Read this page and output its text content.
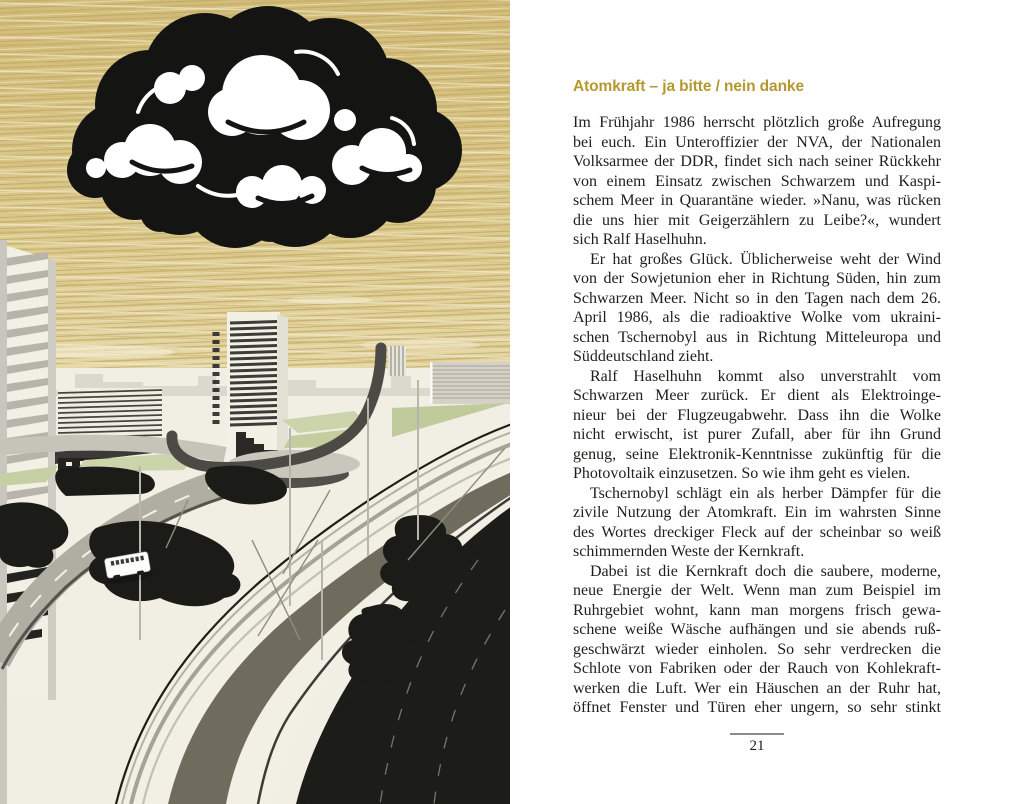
Atomkraft – ja bitte / nein danke
Im Frühjahr 1986 herrscht plötzlich große Aufregung
bei euch. Ein Unteroffizier der NVA, der Nationalen
Volksarmee der DDR, findet sich nach seiner Rückkehr
von einem Einsatz zwischen Schwarzem und Kaspi-
schem Meer in Quarantäne wieder. »Nanu, was rücken
die uns hier mit Geigerzählern zu Leibe?«, wundert
sich Ralf Haselhuhn.
Er hat großes Glück. Üblicherweise weht der Wind
von der Sowjetunion eher in Richtung Süden, hin zum
Schwarzen Meer. Nicht so in den Tagen nach dem 26.
April 1986, als die radioaktive Wolke vom ukraini-
schen Tschernobyl aus in Richtung Mitteleuropa und
Süddeutschland zieht.
Ralf Haselhuhn kommt also unverstrahlt vom
Schwarzen Meer zurück. Er dient als Elektroinge-
nieur bei der Flugzeugabwehr. Dass ihn die Wolke
nicht erwischt, ist purer Zufall, aber für ihn Grund
genug, seine Elektronik-Kenntnisse zukünftig für die
Photovoltaik einzusetzen. So wie ihm geht es vielen.
Tschernobyl schlägt ein als herber Dämpfer für die
zivile Nutzung der Atomkraft. Ein im wahrsten Sinne
des Wortes dreckiger Fleck auf der scheinbar so weiß
schimmernden Weste der Kernkraft.
Dabei ist die Kernkraft doch die saubere, moderne,
neue Energie der Welt. Wenn man zum Beispiel im
Ruhrgebiet wohnt, kann man morgens frisch gewa-
schene weiße Wäsche aufhängen und sie abends ruß-
geschwärzt wieder einholen. So sehr verdrecken die
Schlote von Fabriken oder der Rauch von Kohlekraft-
werken die Luft. Wer ein Häuschen an der Ruhr hat,
öffnet Fenster und Türen eher ungern, so sehr stinkt
21
